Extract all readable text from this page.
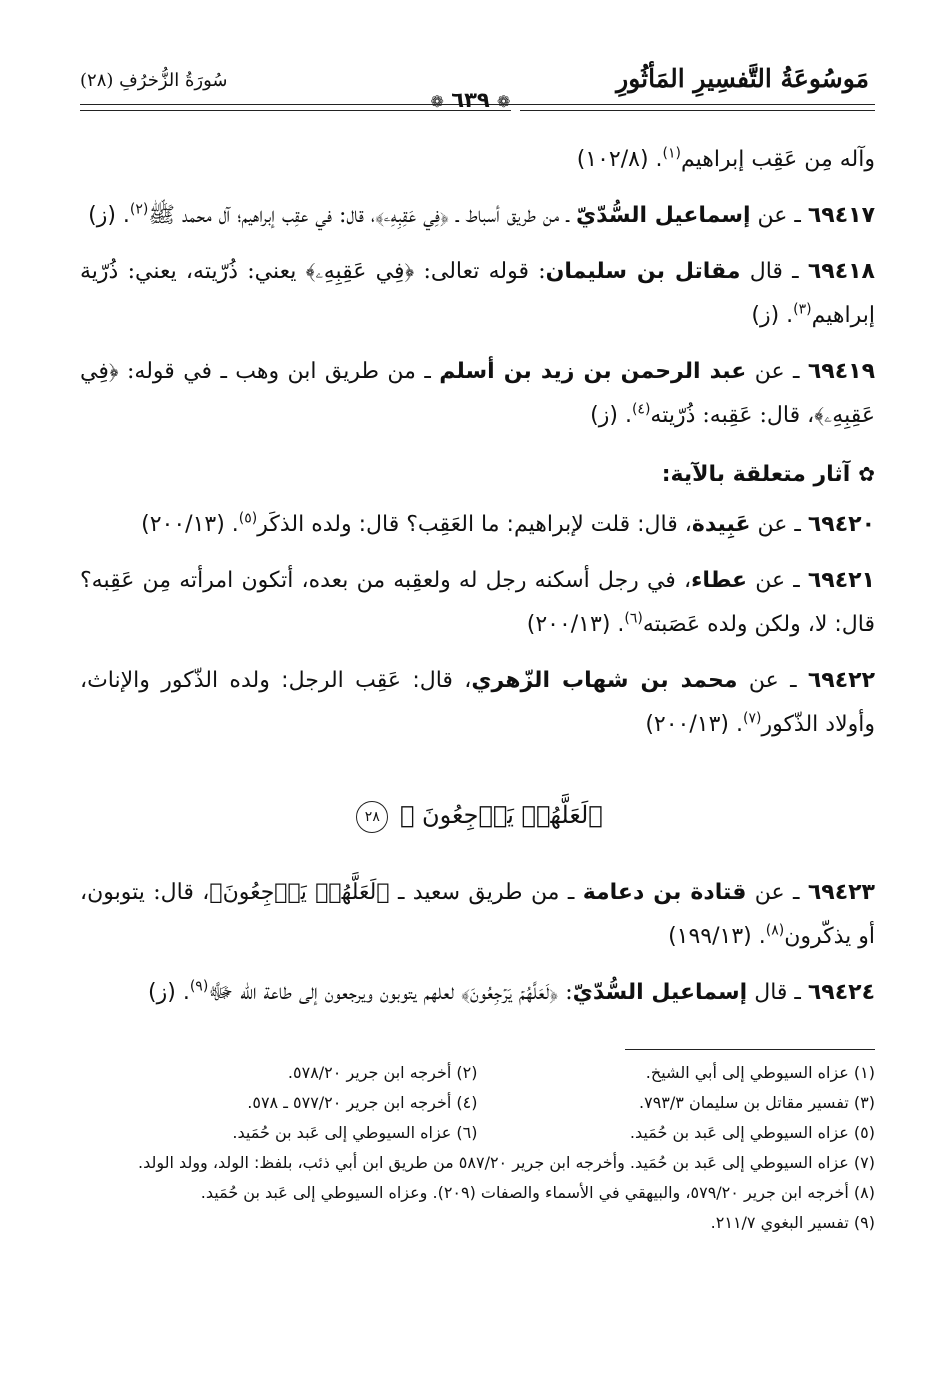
مَوسُوعَةُ التَّفسِيرِ المَأثُورِ
سُورَةُ الزُّخرُفِ (٢٨)
❁ ٦٣٩ ❁

وآله مِن عَقِب إبراهيم$^{(١)}$. (١٠٢/٨)

٦٩٤١٧ ـ عن إسماعيل السُّدّيّ ـ من طريق أسباط ـ ﴿فِي عَقِبِهِۦ﴾، قال: في عقِب إبراهيم؛ آل محمد ﷺ$^{(٢)}$. (ز)

٦٩٤١٨ ـ قال مقاتل بن سليمان: قوله تعالى: ﴿فِي عَقِبِهِۦ﴾ يعني: ذُرّيته، يعني: ذُرّية إبراهيم$^{(٣)}$. (ز)

٦٩٤١٩ ـ عن عبد الرحمن بن زيد بن أسلم ـ من طريق ابن وهب ـ في قوله: ﴿فِي عَقِبِهِۦ﴾، قال: عَقِبه: ذُرّيته$^{(٤)}$. (ز)

✿آثار متعلقة بالآية:

٦٩٤٢٠ ـ عن عَبِيدة، قال: قلت لإبراهيم: ما العَقِب؟ قال: ولده الذكَر$^{(٥)}$. (٢٠٠/١٣)

٦٩٤٢١ ـ عن عطاء، في رجل أسكنه رجل له ولعقِبه من بعده، أتكون امرأته مِن عَقِبه؟ قال: لا، ولكن ولده عَصَبته$^{(٦)}$. (٢٠٠/١٣)

٦٩٤٢٢ ـ عن محمد بن شهاب الزّهري، قال: عَقِب الرجل: ولده الذّكور والإناث، وأولاد الذّكور$^{(٧)}$. (٢٠٠/١٣)

﴿لَعَلَّهُمۡ يَرۡجِعُونَ ﴾ ٢٨

٦٩٤٢٣ ـ عن قتادة بن دعامة ـ من طريق سعيد ـ ﴿لَعَلَّهُمۡ يَرۡجِعُونَ﴾، قال: يتوبون، أو يذكّرون$^{(٨)}$. (١٩٩/١٣)

٦٩٤٢٤ ـ قال إسماعيل السُّدّيّ: ﴿لَعَلَّهُمۡ يَرۡجِعُونَ﴾ لعلهم يتوبون ويرجعون إلى طاعة الله ﷻ$^{(٩)}$. (ز)

(١) عزاه السيوطي إلى أبي الشيخ.
(٢) أخرجه ابن جرير ٥٧٨/٢٠.
(٣) تفسير مقاتل بن سليمان ٧٩٣/٣.
(٤) أخرجه ابن جرير ٥٧٧/٢٠ ـ ٥٧٨.
(٥) عزاه السيوطي إلى عَبد بن حُمَيد.
(٦) عزاه السيوطي إلى عَبد بن حُمَيد.
(٧) عزاه السيوطي إلى عَبد بن حُمَيد. وأخرجه ابن جرير ٥٨٧/٢٠ من طريق ابن أبي ذئب، بلفظ: الولد، وولد الولد.
(٨) أخرجه ابن جرير ٥٧٩/٢٠، والبيهقي في الأسماء والصفات (٢٠٩). وعزاه السيوطي إلى عَبد بن حُمَيد.
(٩) تفسير البغوي ٢١١/٧.
